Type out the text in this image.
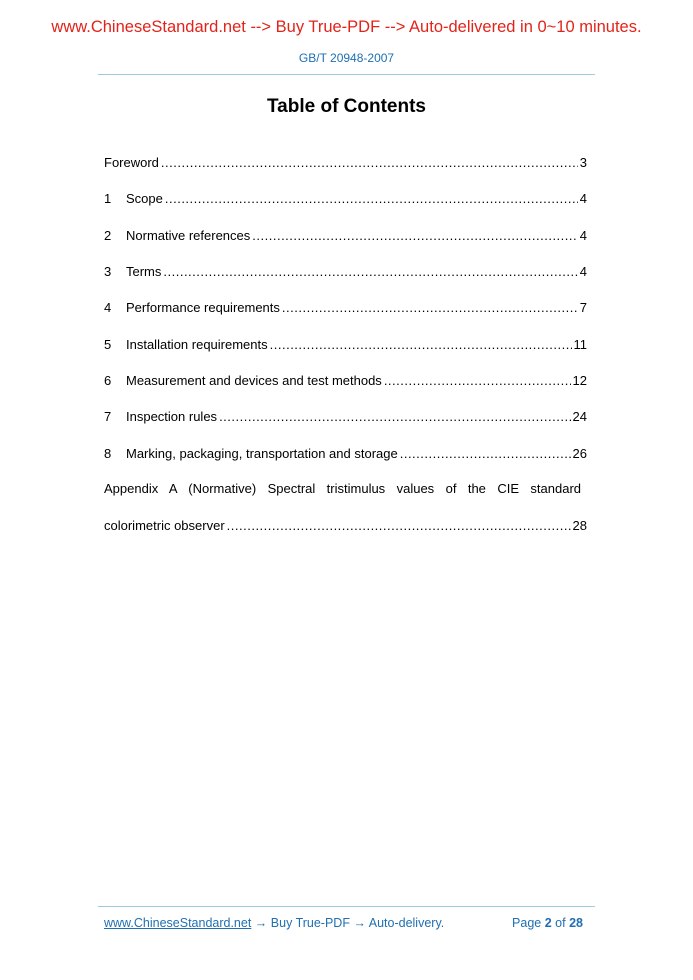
www.ChineseStandard.net --> Buy True-PDF --> Auto-delivered in 0~10 minutes.
GB/T 20948-2007
Table of Contents
Foreword .....	3
1	Scope .....	4
2	Normative references .....	4
3	Terms .....	4
4	Performance requirements .....	7
5	Installation requirements .....	11
6	Measurement and devices and test methods .....	12
7	Inspection rules .....	24
8	Marking, packaging, transportation and storage .....	26
Appendix A (Normative) Spectral tristimulus values of the CIE standard
colorimetric observer .....	28
www.ChineseStandard.net → Buy True-PDF → Auto-delivery.	Page 2 of 28
